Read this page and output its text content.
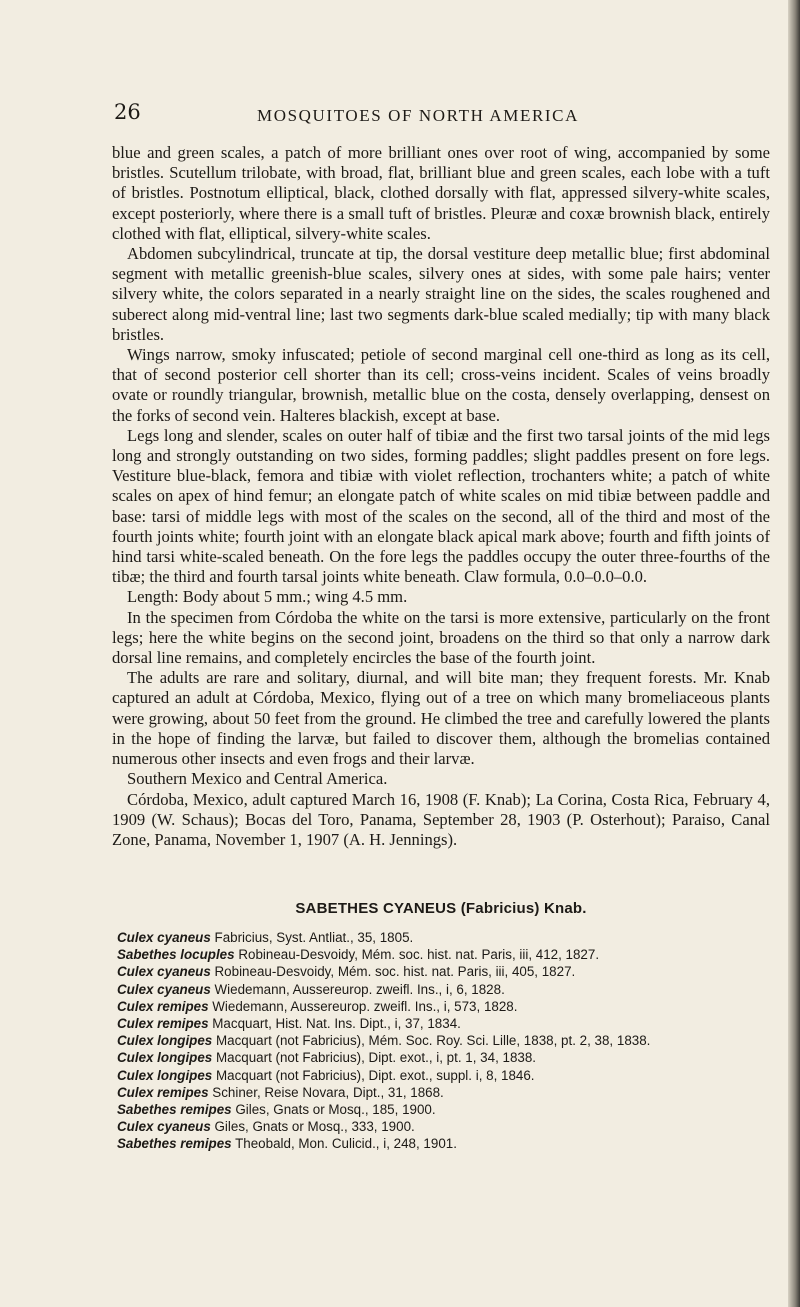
26	MOSQUITOES OF NORTH AMERICA

blue and green scales, a patch of more brilliant ones over root of wing, accompanied by some bristles. Scutellum trilobate, with broad, flat, brilliant blue and green scales, each lobe with a tuft of bristles. Postnotum elliptical, black, clothed dorsally with flat, appressed silvery-white scales, except posteriorly, where there is a small tuft of bristles. Pleuræ and coxæ brownish black, entirely clothed with flat, elliptical, silvery-white scales.

Abdomen subcylindrical, truncate at tip, the dorsal vestiture deep metallic blue; first abdominal segment with metallic greenish-blue scales, silvery ones at sides, with some pale hairs; venter silvery white, the colors separated in a nearly straight line on the sides, the scales roughened and suberect along mid-ventral line; last two segments dark-blue scaled medially; tip with many black bristles.

Wings narrow, smoky infuscated; petiole of second marginal cell one-third as long as its cell, that of second posterior cell shorter than its cell; cross-veins incident. Scales of veins broadly ovate or roundly triangular, brownish, metallic blue on the costa, densely overlapping, densest on the forks of second vein. Halteres blackish, except at base.

Legs long and slender, scales on outer half of tibiæ and the first two tarsal joints of the mid legs long and strongly outstanding on two sides, forming paddles; slight paddles present on fore legs. Vestiture blue-black, femora and tibiæ with violet reflection, trochanters white; a patch of white scales on apex of hind femur; an elongate patch of white scales on mid tibiæ between paddle and base: tarsi of middle legs with most of the scales on the second, all of the third and most of the fourth joints white; fourth joint with an elongate black apical mark above; fourth and fifth joints of hind tarsi white-scaled beneath. On the fore legs the paddles occupy the outer three-fourths of the tibæ; the third and fourth tarsal joints white beneath. Claw formula, 0.0–0.0–0.0.

Length: Body about 5 mm.; wing 4.5 mm.

In the specimen from Córdoba the white on the tarsi is more extensive, particularly on the front legs; here the white begins on the second joint, broadens on the third so that only a narrow dark dorsal line remains, and completely encircles the base of the fourth joint.

The adults are rare and solitary, diurnal, and will bite man; they frequent forests. Mr. Knab captured an adult at Córdoba, Mexico, flying out of a tree on which many bromeliaceous plants were growing, about 50 feet from the ground. He climbed the tree and carefully lowered the plants in the hope of finding the larvæ, but failed to discover them, although the bromelias contained numerous other insects and even frogs and their larvæ.

Southern Mexico and Central America.

Córdoba, Mexico, adult captured March 16, 1908 (F. Knab); La Corina, Costa Rica, February 4, 1909 (W. Schaus); Bocas del Toro, Panama, September 28, 1903 (P. Osterhout); Paraiso, Canal Zone, Panama, November 1, 1907 (A. H. Jennings).

SABETHES CYANEUS (Fabricius) Knab.
Culex cyaneus Fabricius, Syst. Antliat., 35, 1805.
Sabethes locuples Robineau-Desvoidy, Mém. soc. hist. nat. Paris, iii, 412, 1827.
Culex cyaneus Robineau-Desvoidy, Mém. soc. hist. nat. Paris, iii, 405, 1827.
Culex cyaneus Wiedemann, Aussereurop. zweifl. Ins., i, 6, 1828.
Culex remipes Wiedemann, Aussereurop. zweifl. Ins., i, 573, 1828.
Culex remipes Macquart, Hist. Nat. Ins. Dipt., i, 37, 1834.
Culex longipes Macquart (not Fabricius), Mém. Soc. Roy. Sci. Lille, 1838, pt. 2, 38, 1838.
Culex longipes Macquart (not Fabricius), Dipt. exot., i, pt. 1, 34, 1838.
Culex longipes Macquart (not Fabricius), Dipt. exot., suppl. i, 8, 1846.
Culex remipes Schiner, Reise Novara, Dipt., 31, 1868.
Sabethes remipes Giles, Gnats or Mosq., 185, 1900.
Culex cyaneus Giles, Gnats or Mosq., 333, 1900.
Sabethes remipes Theobald, Mon. Culicid., i, 248, 1901.
